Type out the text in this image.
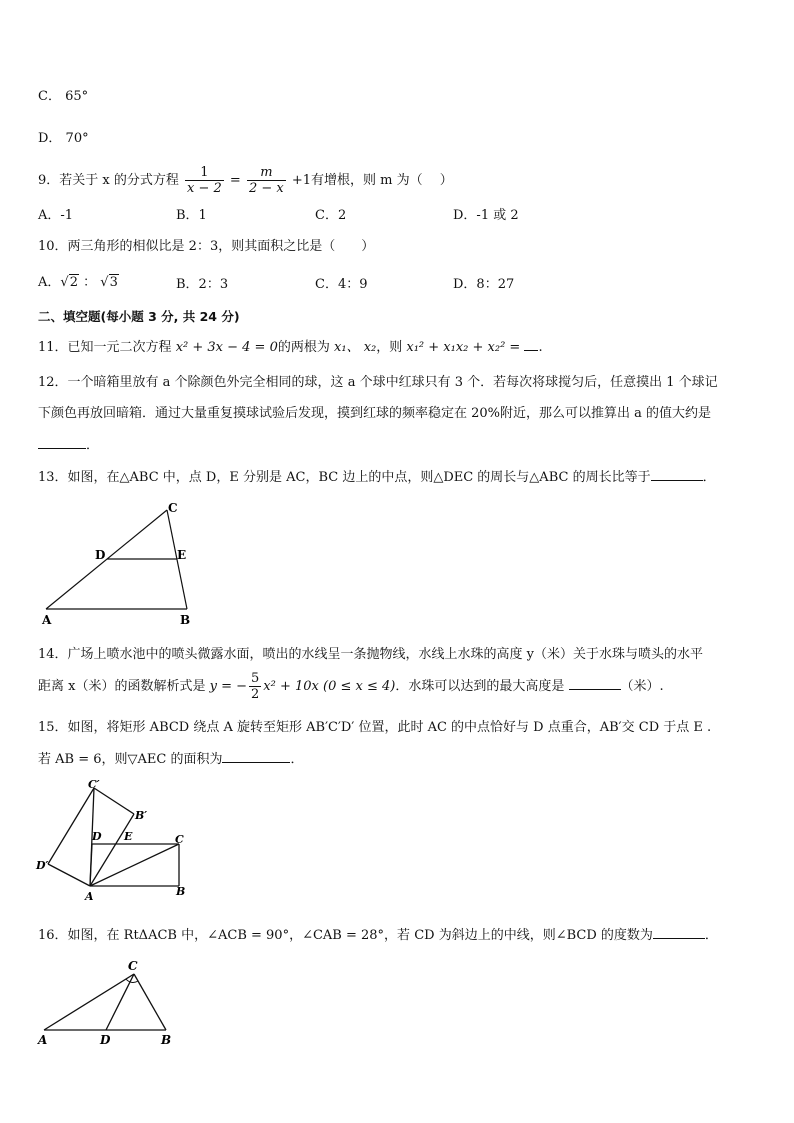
C． 65°
D． 70°
9．若关于 x 的分式方程 $\frac{1}{x - 2} = \frac{m}{2 - x} +1$有增根，则 m 为（　 ）
A．-1	B．1	C．2	D．-1 或 2
10．两三角形的相似比是 2：3，则其面积之比是（　　）
A．√2 ： √3	B．2：3	C．4：9	D．8：27
二、填空题(每小题 3 分, 共 24 分)
11．已知一元二次方程 x² + 3x − 4 = 0的两根为 x₁、 x₂，则 x₁² + x₁x₂ + x₂² = .
12．一个暗箱里放有 a 个除颜色外完全相同的球，这 a 个球中红球只有 3 个．若每次将球搅匀后，任意摸出 1 个球记
下颜色再放回暗箱．通过大量重复摸球试验后发现，摸到红球的频率稳定在 20%附近，那么可以推算出 a 的值大约是
．
13．如图，在△ABC 中，点 D，E 分别是 AC，BC 边上的中点，则△DEC 的周长与△ABC 的周长比等于	．
C
D	E
A	B
14．广场上喷水池中的喷头微露水面，喷出的水线呈一条抛物线，水线上水珠的高度 y（米）关于水珠与喷头的水平
距离 x（米）的函数解析式是 y = − $\frac{5}{2} x^2 + 10x$ (0 ≤ x ≤ 4)．水珠可以达到的最大高度是	（米）.
15．如图，将矩形 ABCD 绕点 A 旋转至矩形 AB′C′D′ 位置，此时 AC 的中点恰好与 D 点重合，AB′交 CD 于点 E .
若 AB = 6，则▽AEC 的面积为	．
C′
B′
D E	C
D′
A	B
16．如图，在 RtΔACB 中，∠ACB = 90°，∠CAB = 28°，若 CD 为斜边上的中线，则∠BCD 的度数为	．
C
A	D	B
